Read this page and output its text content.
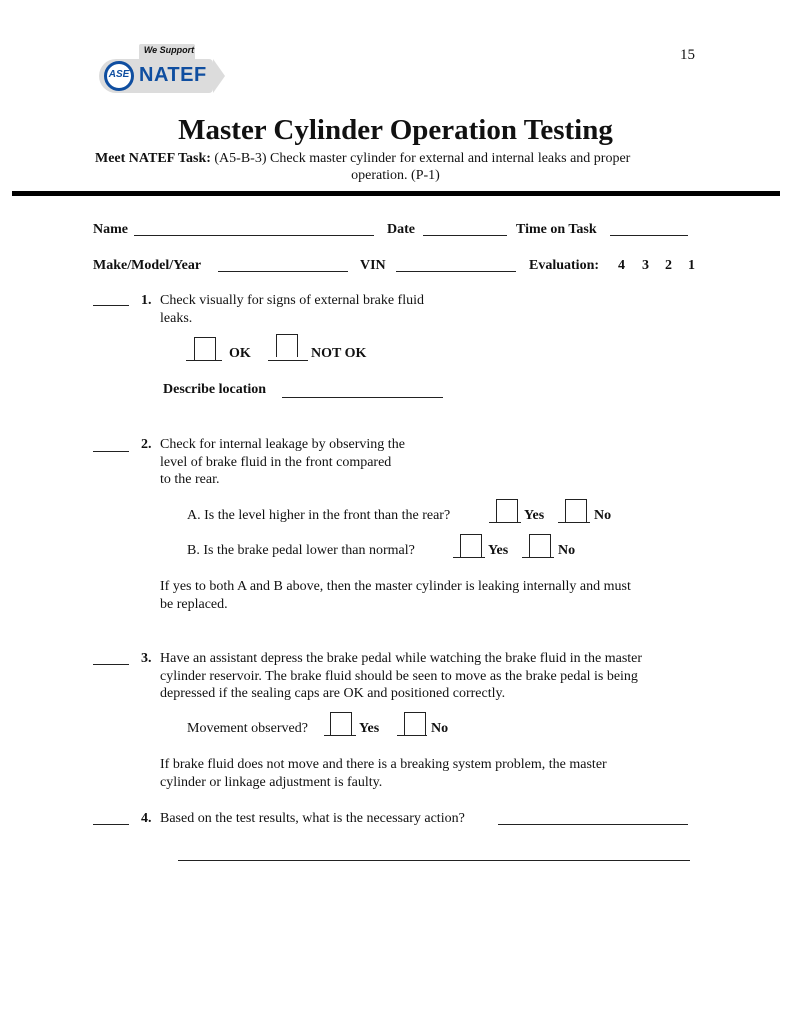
15
We Support
ASE NATEF
Master Cylinder Operation Testing
Meet NATEF Task: (A5-B-3) Check master cylinder for external and internal leaks and proper
operation. (P-1)
Name	Date	Time on Task
Make/Model/Year	VIN	Evaluation: 4 3 2 1
1. Check visually for signs of external brake fluid
leaks.
OK	NOT OK
Describe location
2. Check for internal leakage by observing the
level of brake fluid in the front compared
to the rear.
A. Is the level higher in the front than the rear?	Yes	No
B. Is the brake pedal lower than normal?	Yes	No
If yes to both A and B above, then the master cylinder is leaking internally and must
be replaced.
3. Have an assistant depress the brake pedal while watching the brake fluid in the master
cylinder reservoir. The brake fluid should be seen to move as the brake pedal is being
depressed if the sealing caps are OK and positioned correctly.
Movement observed?	Yes	No
If brake fluid does not move and there is a breaking system problem, the master
cylinder or linkage adjustment is faulty.
4. Based on the test results, what is the necessary action?
